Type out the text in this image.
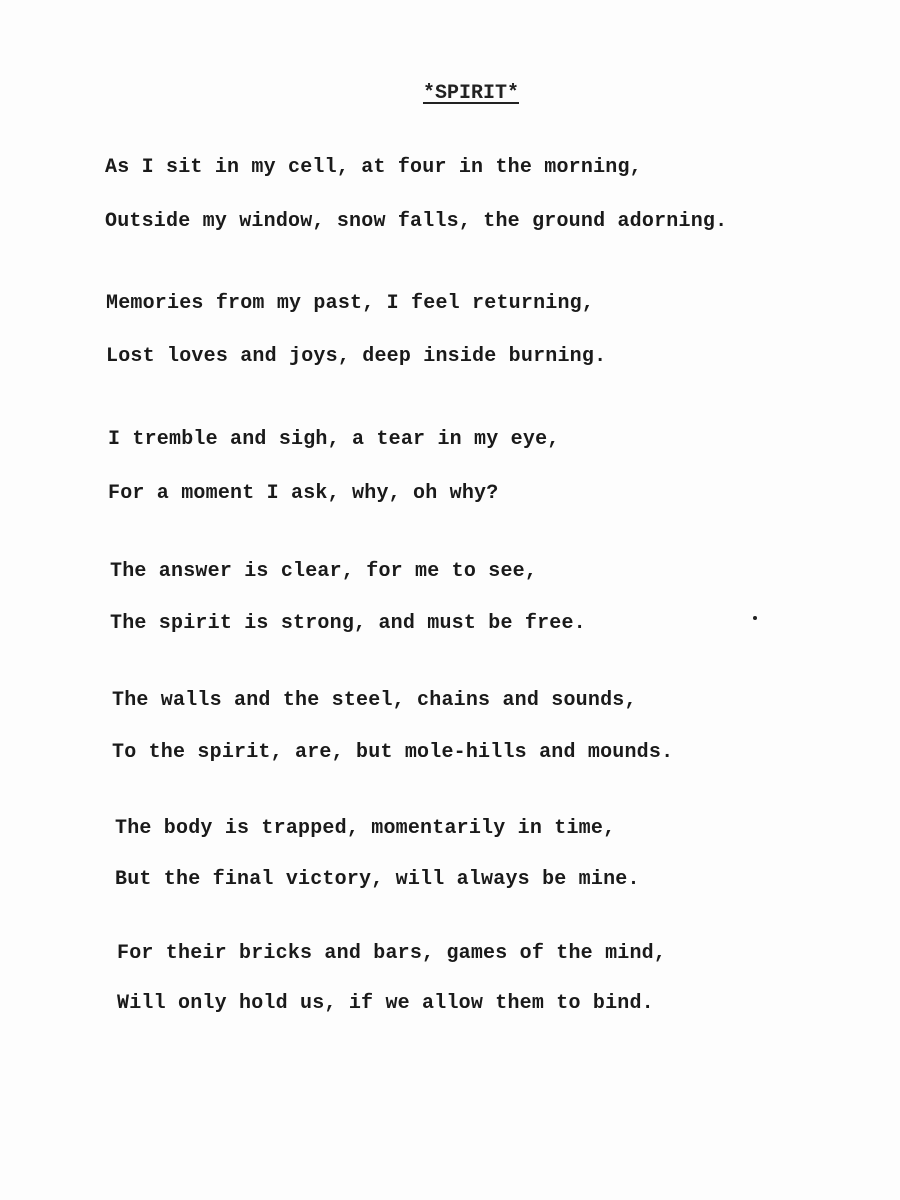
*SPIRIT*
As I sit in my cell, at four in the morning,
Outside my window, snow falls, the ground adorning.
Memories from my past, I feel returning,
Lost loves and joys, deep inside burning.
I tremble and sigh, a tear in my eye,
For a moment I ask, why, oh why?
The answer is clear, for me to see,
The spirit is strong, and must be free.
The walls and the steel, chains and sounds,
To the spirit, are, but mole-hills and mounds.
The body is trapped, momentarily in time,
But the final victory, will always be mine.
For their bricks and bars, games of the mind,
Will only hold us, if we allow them to bind.
